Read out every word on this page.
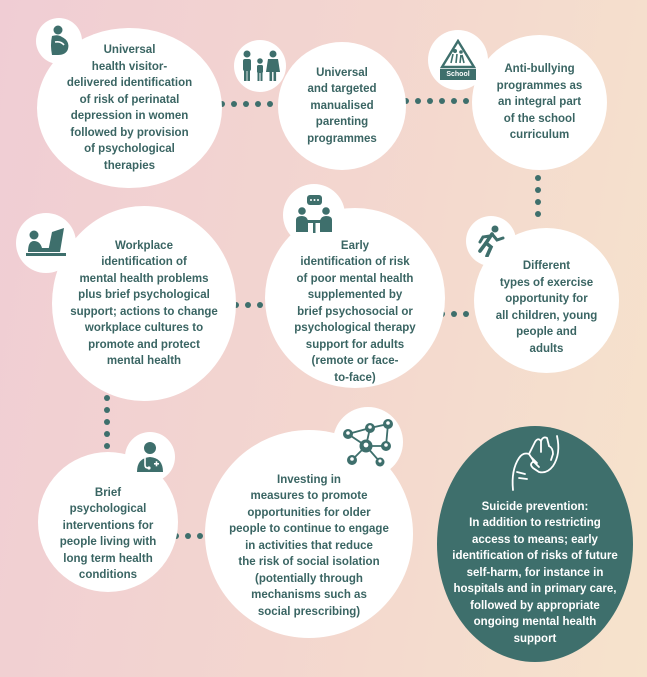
Universal
health visitor-
delivered identification
of risk of perinatal
depression in women
followed by provision
of psychological
therapies
Universal
and targeted
manualised
parenting
programmes
Anti-bullying
programmes as
an integral part
of the school
curriculum
School
Workplace
identification of
mental health problems
plus brief psychological
support; actions to change
workplace cultures to
promote and protect
mental health
Early
identification of risk
of poor mental health
supplemented by
brief psychosocial or
psychological therapy
support for adults
(remote or face-
to-face)
Different
types of exercise
opportunity for
all children, young
people and
adults
Brief
psychological
interventions for
people living with
long term health
conditions
Investing in
measures to promote
opportunities for older
people to continue to engage
in activities that reduce
the risk of social isolation
(potentially through
mechanisms such as
social prescribing)
Suicide prevention:
In addition to restricting
access to means; early
identification of risks of future
self-harm, for instance in
hospitals and in primary care,
followed by appropriate
ongoing mental health
support
